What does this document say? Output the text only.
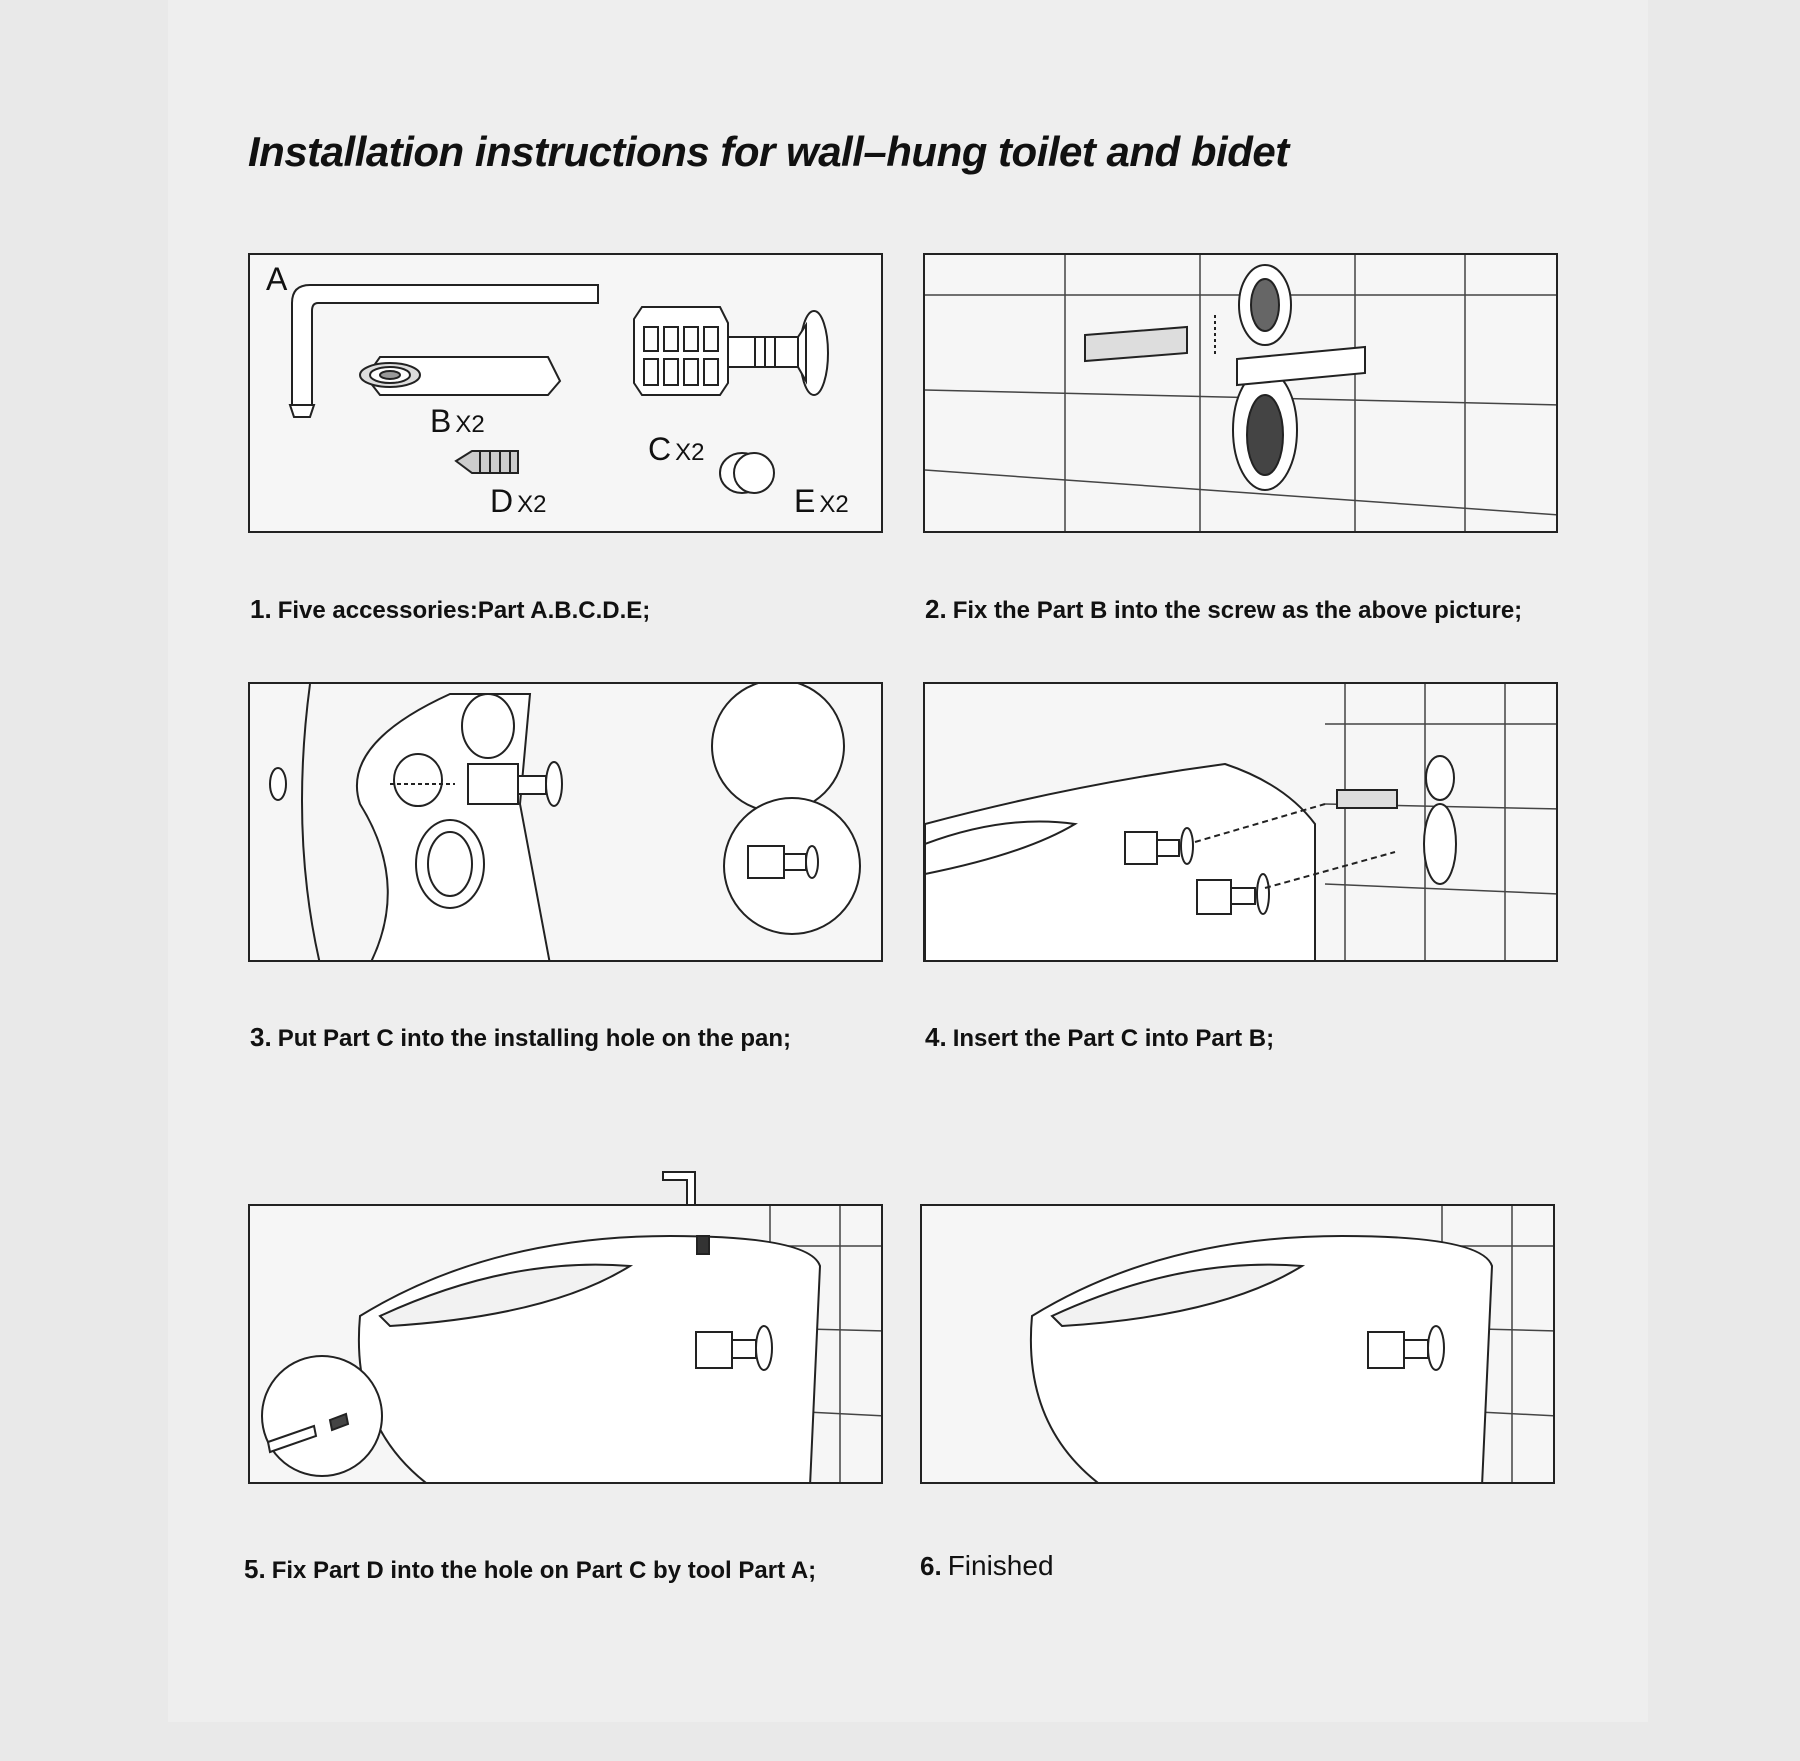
Installation instructions for wall–hung toilet and bidet
A
B X2
C X2
D X2	E X2
1. Five accessories:Part A.B.C.D.E;	2. Fix the Part B into the screw as the above picture;
3. Put Part C into the installing hole on the pan;	4. Insert the Part C into Part B;
5. Fix Part D into the hole on Part C by tool Part A;	6. Finished
